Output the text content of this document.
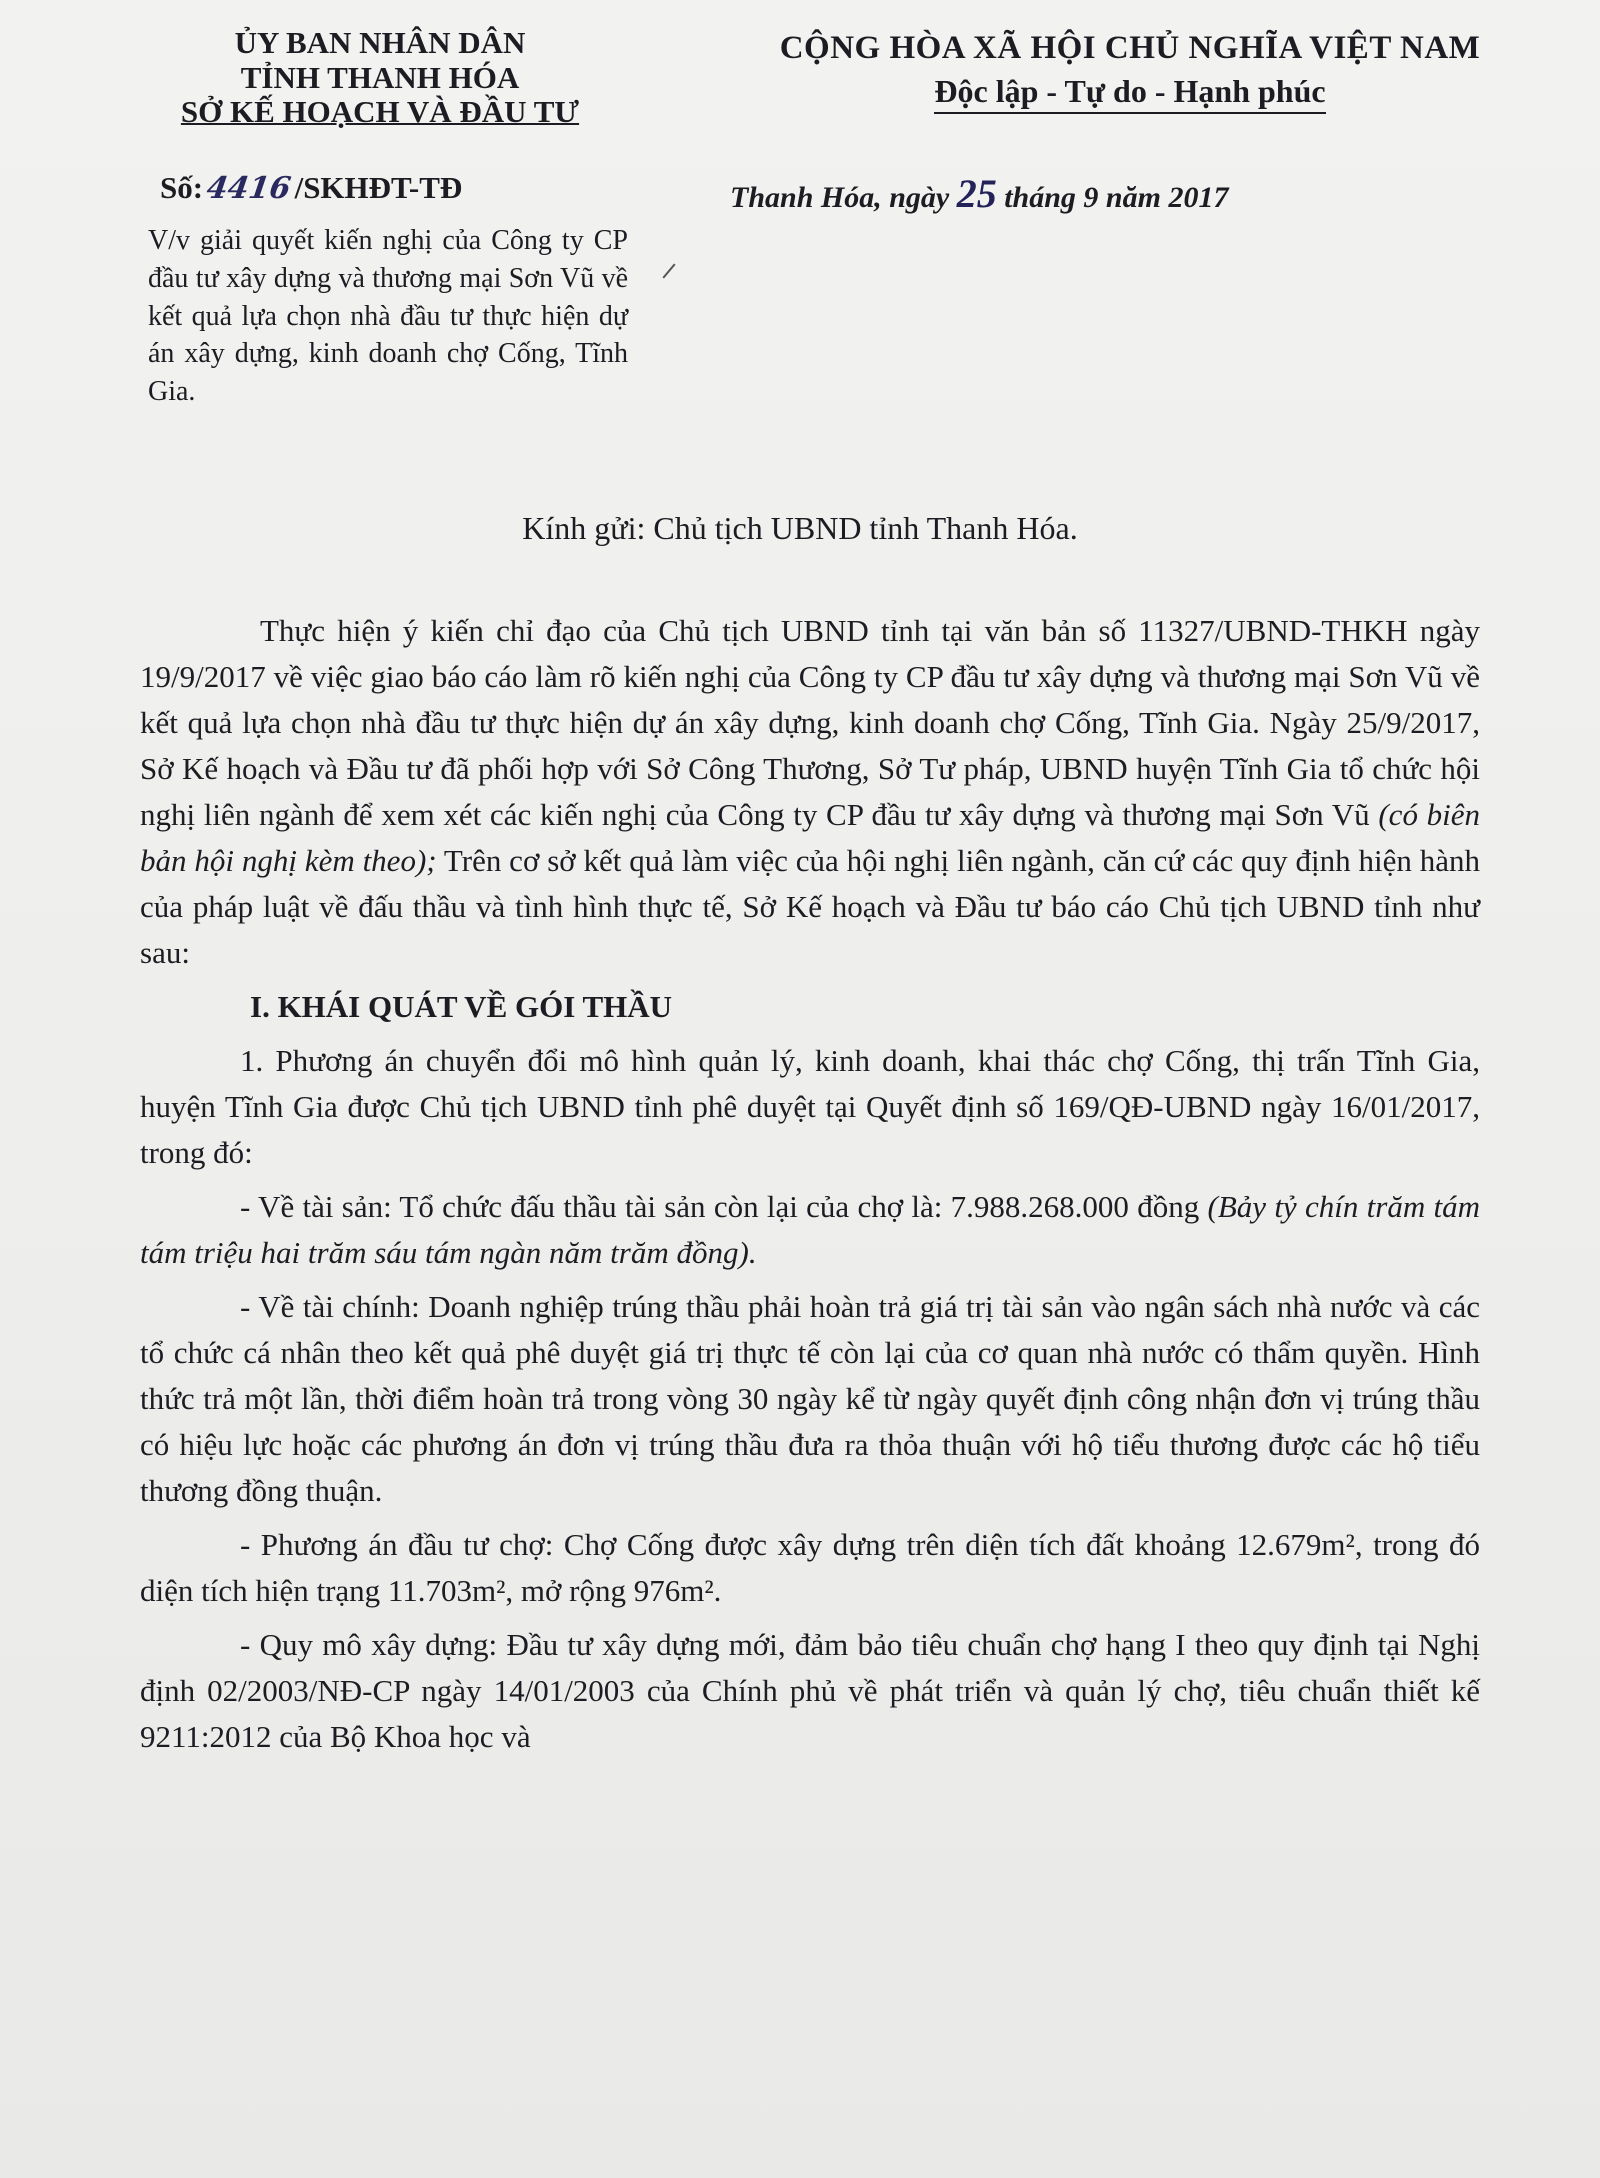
ỦY BAN NHÂN DÂN
TỈNH THANH HÓA
SỞ KẾ HOẠCH VÀ ĐẦU TƯ
CỘNG HÒA XÃ HỘI CHỦ NGHĨA VIỆT NAM
Độc lập - Tự do - Hạnh phúc
Số:4416/SKHĐT-TĐ	Thanh Hóa, ngày 25 tháng 9 năm 2017
V/v giải quyết kiến nghị của Công ty CP đầu tư xây dựng và thương mại Sơn Vũ về kết quả lựa chọn nhà đầu tư thực hiện dự án xây dựng, kinh doanh chợ Cống, Tĩnh Gia.
Kính gửi: Chủ tịch UBND tỉnh Thanh Hóa.

Thực hiện ý kiến chỉ đạo của Chủ tịch UBND tỉnh tại văn bản số 11327/UBND-THKH ngày 19/9/2017 về việc giao báo cáo làm rõ kiến nghị của Công ty CP đầu tư xây dựng và thương mại Sơn Vũ về kết quả lựa chọn nhà đầu tư thực hiện dự án xây dựng, kinh doanh chợ Cống, Tĩnh Gia. Ngày 25/9/2017, Sở Kế hoạch và Đầu tư đã phối hợp với Sở Công Thương, Sở Tư pháp, UBND huyện Tĩnh Gia tổ chức hội nghị liên ngành để xem xét các kiến nghị của Công ty CP đầu tư xây dựng và thương mại Sơn Vũ (có biên bản hội nghị kèm theo); Trên cơ sở kết quả làm việc của hội nghị liên ngành, căn cứ các quy định hiện hành của pháp luật về đấu thầu và tình hình thực tế, Sở Kế hoạch và Đầu tư báo cáo Chủ tịch UBND tỉnh như sau:

I. KHÁI QUÁT VỀ GÓI THẦU

1. Phương án chuyển đổi mô hình quản lý, kinh doanh, khai thác chợ Cống, thị trấn Tĩnh Gia, huyện Tĩnh Gia được Chủ tịch UBND tỉnh phê duyệt tại Quyết định số 169/QĐ-UBND ngày 16/01/2017, trong đó:

- Về tài sản: Tổ chức đấu thầu tài sản còn lại của chợ là: 7.988.268.000 đồng (Bảy tỷ chín trăm tám tám triệu hai trăm sáu tám ngàn năm trăm đồng).

- Về tài chính: Doanh nghiệp trúng thầu phải hoàn trả giá trị tài sản vào ngân sách nhà nước và các tổ chức cá nhân theo kết quả phê duyệt giá trị thực tế còn lại của cơ quan nhà nước có thẩm quyền. Hình thức trả một lần, thời điểm hoàn trả trong vòng 30 ngày kể từ ngày quyết định công nhận đơn vị trúng thầu có hiệu lực hoặc các phương án đơn vị trúng thầu đưa ra thỏa thuận với hộ tiểu thương được các hộ tiểu thương đồng thuận.

- Phương án đầu tư chợ: Chợ Cống được xây dựng trên diện tích đất khoảng 12.679m², trong đó diện tích hiện trạng 11.703m², mở rộng 976m².

- Quy mô xây dựng: Đầu tư xây dựng mới, đảm bảo tiêu chuẩn chợ hạng I theo quy định tại Nghị định 02/2003/NĐ-CP ngày 14/01/2003 của Chính phủ về phát triển và quản lý chợ, tiêu chuẩn thiết kế 9211:2012 của Bộ Khoa học và
